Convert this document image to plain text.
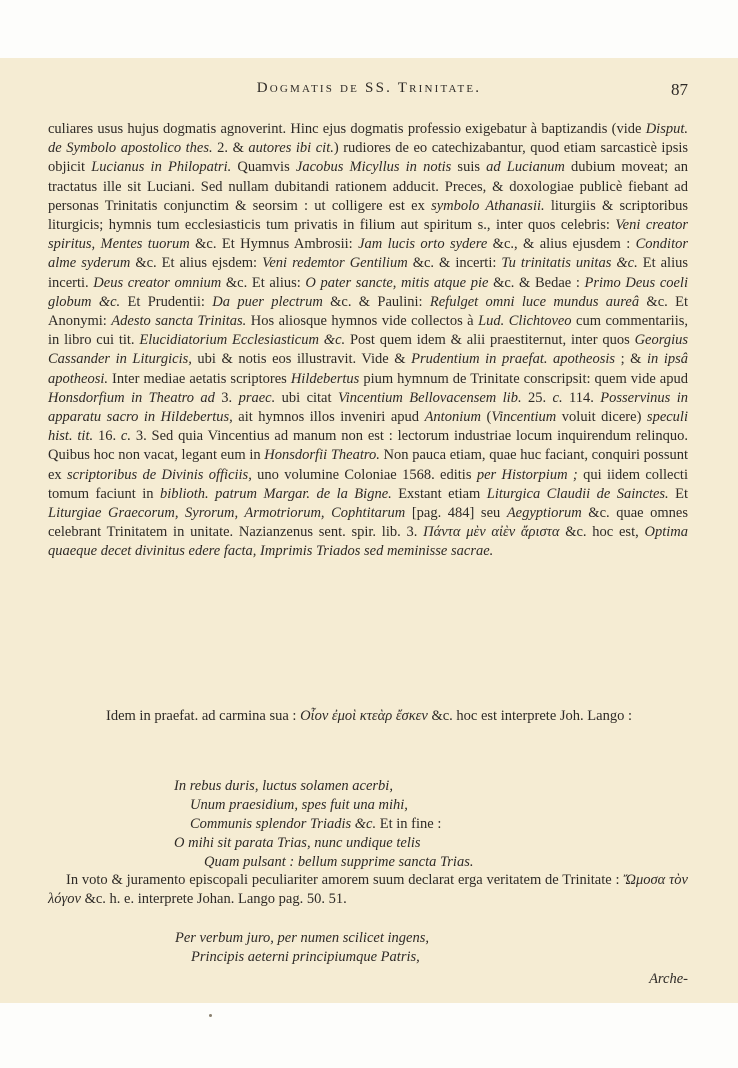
Dogmatis de SS. Trinitate.	87

culiares usus hujus dogmatis agnoverint. Hinc ejus dogmatis professio exigebatur à baptizandis (vide Disput. de Symbolo apostolico thes. 2. & autores ibi cit.) rudiores de eo catechizabantur, quod etiam sarcasticè ipsis objicit Lucianus in Philopatri. Quamvis Jacobus Micyllus in notis suis ad Lucianum dubium moveat; an tractatus ille sit Luciani. Sed nullam dubitandi rationem adducit. Preces, & doxologiae publicè fiebant ad personas Trinitatis conjunctim & seorsim : ut colligere est ex symbolo Athanasii. liturgiis & scriptoribus liturgicis; hymnis tum ecclesiasticis tum privatis in filium aut spiritum s., inter quos celebris: Veni creator spiritus, Mentes tuorum &c. Et Hymnus Ambrosii: Jam lucis orto sydere &c., & alius ejusdem : Conditor alme syderum &c. Et alius ejsdem: Veni redemtor Gentilium &c. & incerti: Tu trinitatis unitas &c. Et alius incerti. Deus creator omnium &c. Et alius: O pater sancte, mitis atque pie &c. & Bedae : Primo Deus coeli globum &c. Et Prudentii: Da puer plectrum &c. & Paulini: Refulget omni luce mundus aureâ &c. Et Anonymi: Adesto sancta Trinitas. Hos aliosque hymnos vide collectos à Lud. Clichtoveo cum commentariis, in libro cui tit. Elucidiatorium Ecclesiasticum &c. Post quem idem & alii praestiternut, inter quos Georgius Cassander in Liturgicis, ubi & notis eos illustravit. Vide & Prudentium in praefat. apotheosis ; & in ipsâ apotheosi. Inter mediae aetatis scriptores Hildebertus pium hymnum de Trinitate conscripsit: quem vide apud Honsdorfium in Theatro ad 3. praec. ubi citat Vincentium Bellovacensem lib. 25. c. 114. Posservinus in apparatu sacro in Hildebertus, ait hymnos illos inveniri apud Antonium (Vincentium voluit dicere) speculi hist. tit. 16. c. 3. Sed quia Vincentius ad manum non est : lectorum industriae locum inquirendum relinquo. Quibus hoc non vacat, legant eum in Honsdorfii Theatro. Non pauca etiam, quae huc faciant, conquiri possunt ex scriptoribus de Divinis officiis, uno volumine Coloniae 1568. editis per Historpium ; qui iidem collecti tomum faciunt in biblioth. patrum Margar. de la Bigne. Exstant etiam Liturgica Claudii de Sainctes. Et Liturgiae Graecorum, Syrorum, Armotriorum, Cophtitarum [pag. 484] seu Aegyptiorum &c. quae omnes celebrant Trinitatem in unitate. Nazianzenus sent. spir. lib. 3. Πάντα μὲν αἰὲν ἄριστα &c. hoc est, Optima quaeque decet divinitus edere facta, Imprimis Triados sed meminisse sacrae.

Idem in praefat. ad carmina sua : Οἶον ἐμοὶ κτεὰρ ἔσκεν &c. hoc est interprete Joh. Lango :

In rebus duris, luctus solamen acerbi,
Unum praesidium, spes fuit una mihi,
Communis splendor Triadis &c. Et in fine :
O mihi sit parata Trias, nunc undique telis
Quam pulsant : bellum supprime sancta Trias.

In voto & juramento episcopali peculiariter amorem suum declarat erga veritatem de Trinitate : Ὤμοσα τὸν λόγον &c. h. e. interprete Johan. Lango pag. 50. 51.

Per verbum juro, per numen scilicet ingens,
Principis aeterni principiumque Patris,
Arche-
